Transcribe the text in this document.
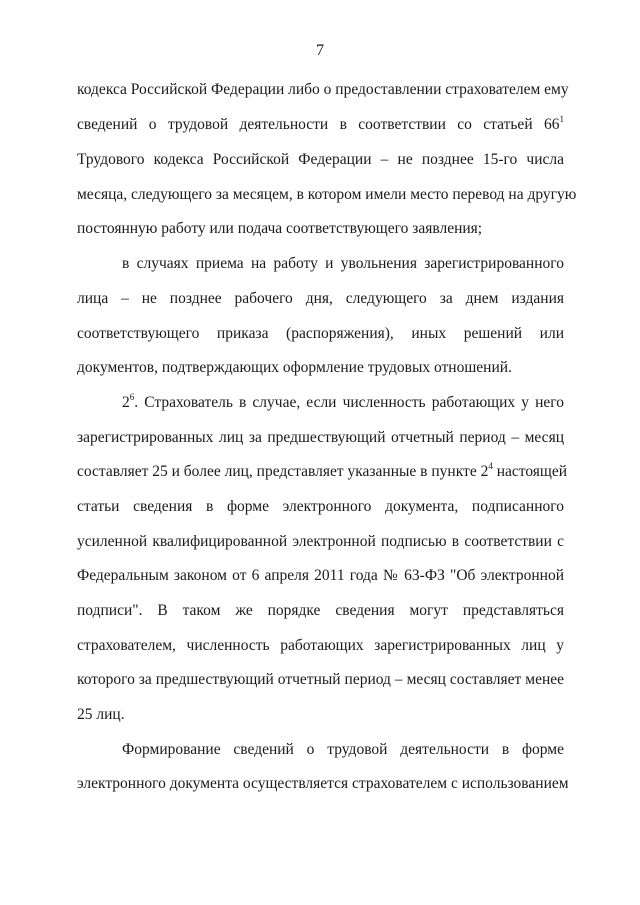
7
кодекса Российской Федерации либо о предоставлении страхователем ему
сведений о трудовой деятельности в соответствии со статьей $66^1$
Трудового кодекса Российской Федерации – не позднее 15-го числа
месяца, следующего за месяцем, в котором имели место перевод на другую
постоянную работу или подача соответствующего заявления;
в случаях приема на работу и увольнения зарегистрированного
лица – не позднее рабочего дня, следующего за днем издания
соответствующего приказа (распоряжения), иных решений или
документов, подтверждающих оформление трудовых отношений.
$2^6$. Страхователь в случае, если численность работающих у него
зарегистрированных лиц за предшествующий отчетный период – месяц
составляет 25 и более лиц, представляет указанные в пункте $2^4$ настоящей
статьи сведения в форме электронного документа, подписанного
усиленной квалифицированной электронной подписью в соответствии с
Федеральным законом от 6 апреля 2011 года № 63-ФЗ "Об электронной
подписи". В таком же порядке сведения могут представляться
страхователем, численность работающих зарегистрированных лиц у
которого за предшествующий отчетный период – месяц составляет менее
25 лиц.
Формирование сведений о трудовой деятельности в форме
электронного документа осуществляется страхователем с использованием
